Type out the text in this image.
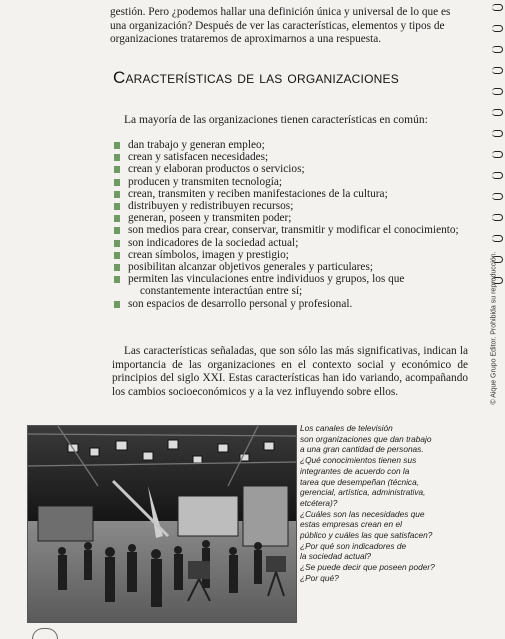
gestión. Pero ¿podemos hallar una definición única y universal de lo que es una organización? Después de ver las características, elementos y tipos de organizaciones trataremos de aproximarnos a una respuesta.

Características de las organizaciones

La mayoría de las organizaciones tienen características en común:

dan trabajo y generan empleo;
crean y satisfacen necesidades;
crean y elaboran productos o servicios;
producen y transmiten tecnología;
crean, transmiten y reciben manifestaciones de la cultura;
distribuyen y redistribuyen recursos;
generan, poseen y transmiten poder;
son medios para crear, conservar, transmitir y modificar el conocimiento;
son indicadores de la sociedad actual;
crean símbolos, imagen y prestigio;
posibilitan alcanzar objetivos generales y particulares;
permiten las vinculaciones entre individuos y grupos, los que
constantemente interactúan entre sí;
son espacios de desarrollo personal y profesional.

Las características señaladas, que son sólo las más significativas, indican la importancia de las organizaciones en el contexto social y económico de principios del siglo XXI. Estas características han ido variando, acompañando los cambios socioeconómicos y a la vez influyendo sobre ellos.	© Aique Grupo Editor. Prohibida su reproducción.

Los canales de televisión
son organizaciones que dan trabajo
a una gran cantidad de personas.
¿Qué conocimientos tienen sus
integrantes de acuerdo con la
tarea que desempeñan (técnica,
gerencial, artística, administrativa,
etcétera)?
¿Cuáles son las necesidades que
estas empresas crean en el
público y cuáles las que satisfacen?
¿Por qué son indicadores de
la sociedad actual?
¿Se puede decir que poseen poder?
¿Por qué?
